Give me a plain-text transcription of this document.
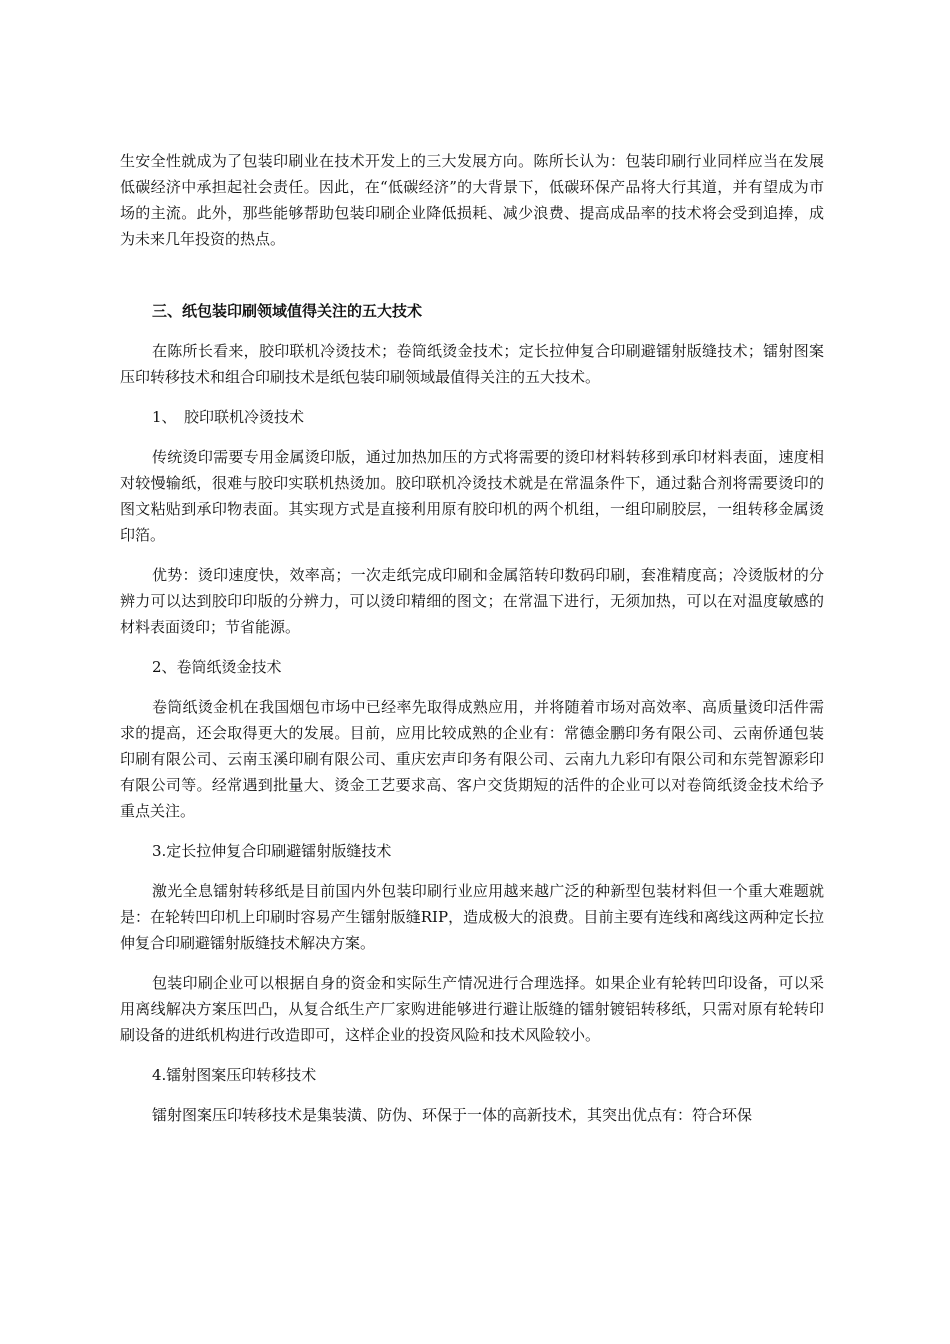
生安全性就成为了包装印刷业在技术开发上的三大发展方向。陈所长认为：包装印刷行业同样应当在发展低碳经济中承担起社会责任。因此，在“低碳经济”的大背景下，低碳环保产品将大行其道，并有望成为市场的主流。此外，那些能够帮助包装印刷企业降低损耗、减少浪费、提高成品率的技术将会受到追捧，成为未来几年投资的热点。

三、纸包装印刷领域值得关注的五大技术

在陈所长看来，胶印联机冷烫技术；卷筒纸烫金技术；定长拉伸复合印刷避镭射版缝技术；镭射图案压印转移技术和组合印刷技术是纸包装印刷领域最值得关注的五大技术。

1、　胶印联机冷烫技术

传统烫印需要专用金属烫印版，通过加热加压的方式将需要的烫印材料转移到承印材料表面，速度相对较慢输纸，很难与胶印实联机热烫加。胶印联机冷烫技术就是在常温条件下，通过黏合剂将需要烫印的图文粘贴到承印物表面。其实现方式是直接利用原有胶印机的两个机组，一组印刷胶层，一组转移金属烫印箔。

优势：烫印速度快，效率高；一次走纸完成印刷和金属箔转印数码印刷，套准精度高；冷烫版材的分辨力可以达到胶印印版的分辨力，可以烫印精细的图文；在常温下进行，无须加热，可以在对温度敏感的材料表面烫印；节省能源。

2、卷筒纸烫金技术

卷筒纸烫金机在我国烟包市场中已经率先取得成熟应用，并将随着市场对高效率、高质量烫印活件需求的提高，还会取得更大的发展。目前，应用比较成熟的企业有：常德金鹏印务有限公司、云南侨通包装印刷有限公司、云南玉溪印刷有限公司、重庆宏声印务有限公司、云南九九彩印有限公司和东莞智源彩印有限公司等。经常遇到批量大、烫金工艺要求高、客户交货期短的活件的企业可以对卷筒纸烫金技术给予重点关注。

3.定长拉伸复合印刷避镭射版缝技术

激光全息镭射转移纸是目前国内外包装印刷行业应用越来越广泛的种新型包装材料但一个重大难题就是：在轮转凹印机上印刷时容易产生镭射版缝RIP，造成极大的浪费。目前主要有连线和离线这两种定长拉伸复合印刷避镭射版缝技术解决方案。

包装印刷企业可以根据自身的资金和实际生产情况进行合理选择。如果企业有轮转凹印设备，可以采用离线解决方案压凹凸，从复合纸生产厂家购进能够进行避让版缝的镭射镀铝转移纸，只需对原有轮转印刷设备的进纸机构进行改造即可，这样企业的投资风险和技术风险较小。

4.镭射图案压印转移技术

镭射图案压印转移技术是集装潢、防伪、环保于一体的高新技术，其突出优点有：符合环保
